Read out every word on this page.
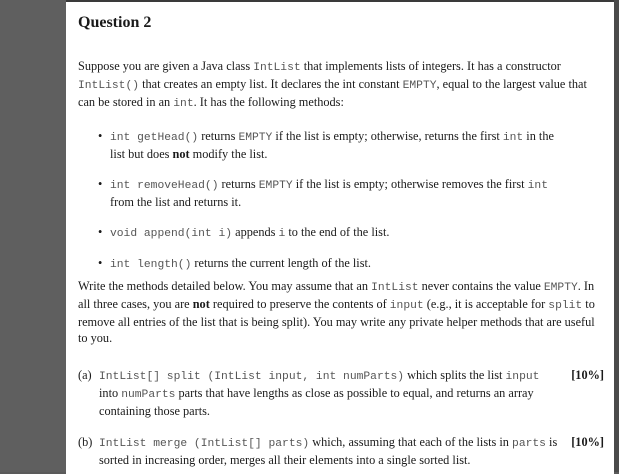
Question 2

Suppose you are given a Java class IntList that implements lists of integers. It has a constructor IntList() that creates an empty list. It declares the int constant EMPTY, equal to the largest value that can be stored in an int. It has the following methods:

• int getHead() returns EMPTY if the list is empty; otherwise, returns the first int in the list but does not modify the list.
• int removeHead() returns EMPTY if the list is empty; otherwise removes the first int from the list and returns it.
• void append(int i) appends i to the end of the list.
• int length() returns the current length of the list.

Write the methods detailed below. You may assume that an IntList never contains the value EMPTY. In all three cases, you are not required to preserve the contents of input (e.g., it is acceptable for split to remove all entries of the list that is being split). You may write any private helper methods that are useful to you.

(a) IntList[] split (IntList input, int numParts) which splits the list input into numParts parts that have lengths as close as possible to equal, and returns an array containing those parts.
[10%]
(b) IntList merge (IntList[] parts) which, assuming that each of the lists in parts is sorted in increasing order, merges all their elements into a single sorted list.
[10%]
